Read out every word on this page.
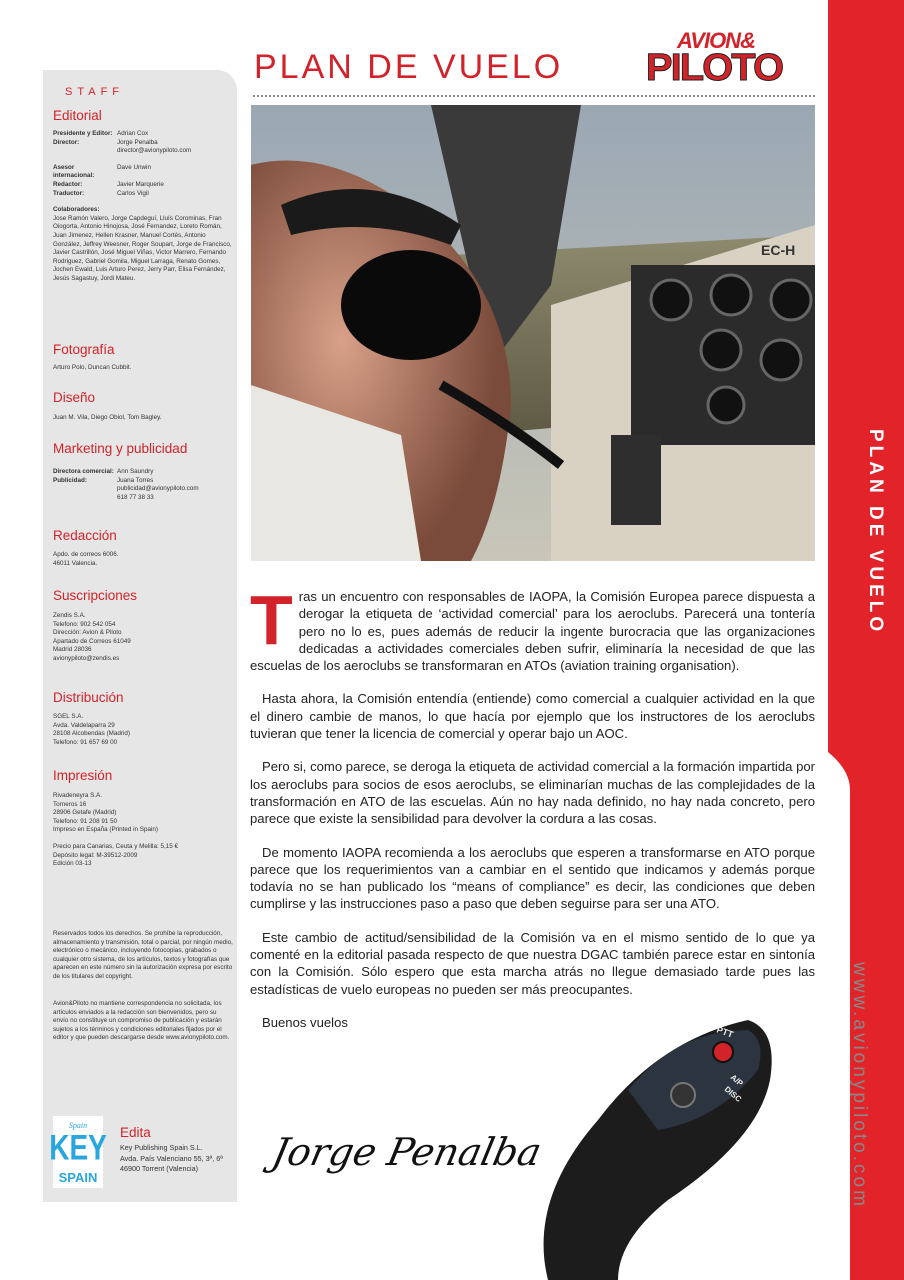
PLAN DE VUELO
www.avionypiloto.com
STAFF
Editorial
Presidente y Editor: Adrian Cox
Director:	Jorge Penalba
director@avionypiloto.com
Asesor internacional:
Dave Unwin
Redactor:	Javier Marquerie
Traductor:	Carlos Vigil
Colaboradores:
Jose Ramón Valero, Jorge Capdeguí, Lluís Corominas, Fran Oiogorta, Antonio Hinojosa, José Fernandez, Loreto Román, Juan Jimenez, Hellen Krasner, Manuel Cortés, Antonio González, Jeffrey Weesner, Roger Soupart, Jorge de Francisco, Javier Castrillón, José Miguel Viñas, Victor Marrero, Fernando Rodriguez, Gabriel Gomila, Miguel Larraga, Renato Gomes, Jochen Ewald, Luis Arturo Perez, Jerry Parr, Elisa Fernández, Jesús Sagastuy, Jordi Mateu.
Fotografía
Arturo Polo, Duncan Cubbit.
Diseño
Juan M. Vila, Diego Obiol, Tom Bagley.
Marketing y publicidad
Directora comercial: Ann Saundry
Publicidad:	Juana Torres
publicidad@avionypiloto.com
618 77 38 33
Redacción
Apdo. de correos 6006.
46011 Valencia.
Suscripciones
Zendis S.A.
Telefono: 902 542 054
Dirección: Avion & Piloto
Apartado de Correos 61049
Madrid 28036
avionypiloto@zendis.es
Distribución
SGEL S.A.
Avda. Valdelaparra 29
28108 Alcobendas (Madrid)
Telefono: 91 657 69 00
Impresión
Rivadeneyra S.A.
Torneros 16
28906 Getafe (Madrid)
Telefono: 91 208 91 50
Impreso en España (Printed in Spain)
Precio para Canarias, Ceuta y Melilla: 5,15 €
Depósito legal: M-39512-2009
Edición 03-13
Reservados todos los derechos. Se prohíbe la reproducción, almacenamiento y transmisión, total o parcial, por ningún medio, electrónico o mecánico, incluyendo fotocopias, grabados o cualquier otro sistema, de los artículos, textos y fotografías que aparecen en este número sin la autorización expresa por escrito de los titulares del copyright.
Avion&Piloto no mantiene correspondencia no solicitada, los artículos enviados a la redacción son bienvenidos, pero su envío no constituye un compromiso de publicación y estarán sujetos a los términos y condiciones editoriales fijados por el editor y que pueden descargarse desde www.avionypiloto.com.
Spain
KEY
SPAIN
Edita
Key Publishing Spain S.L.
Avda. País Valenciano 55, 3ª, 6ª
46900 Torrent (Valencia)
PLAN DE VUELO
AVION&
PILOTO
EC-H

Tras un encuentro con responsables de IAOPA, la Comisión Europea parece dispuesta a derogar la etiqueta de ‘actividad comercial’ para los aeroclubs. Parecerá una tontería pero no lo es, pues además de reducir la ingente burocracia que las organizaciones dedicadas a actividades comerciales deben sufrir, eliminaría la necesidad de que las escuelas de los aeroclubs se transformaran en ATOs (aviation training organisation).

Hasta ahora, la Comisión entendía (entiende) como comercial a cualquier actividad en la que el dinero cambie de manos, lo que hacía por ejemplo que los instructores de los aeroclubs tuvieran que tener la licencia de comercial y operar bajo un AOC.

Pero si, como parece, se deroga la etiqueta de actividad comercial a la formación impartida por los aeroclubs para socios de esos aeroclubs, se eliminarían muchas de las complejidades de la transformación en ATO de las escuelas. Aún no hay nada definido, no hay nada concreto, pero parece que existe la sensibilidad para devolver la cordura a las cosas.

De momento IAOPA recomienda a los aeroclubs que esperen a transformarse en ATO porque parece que los requerimientos van a cambiar en el sentido que indicamos y además porque todavía no se han publicado los “means of compliance” es decir, las condiciones que deben cumplirse y las instrucciones paso a paso que deben seguirse para ser una ATO.

Este cambio de actitud/sensibilidad de la Comisión va en el mismo sentido de lo que ya comenté en la editorial pasada respecto de que nuestra DGAC también parece estar en sintonía con la Comisión. Sólo espero que esta marcha atrás no llegue demasiado tarde pues las estadísticas de vuelo europeas no pueden ser más preocupantes.

Buenos vuelos

Jorge Penalba
PTT
A/P
DISC
